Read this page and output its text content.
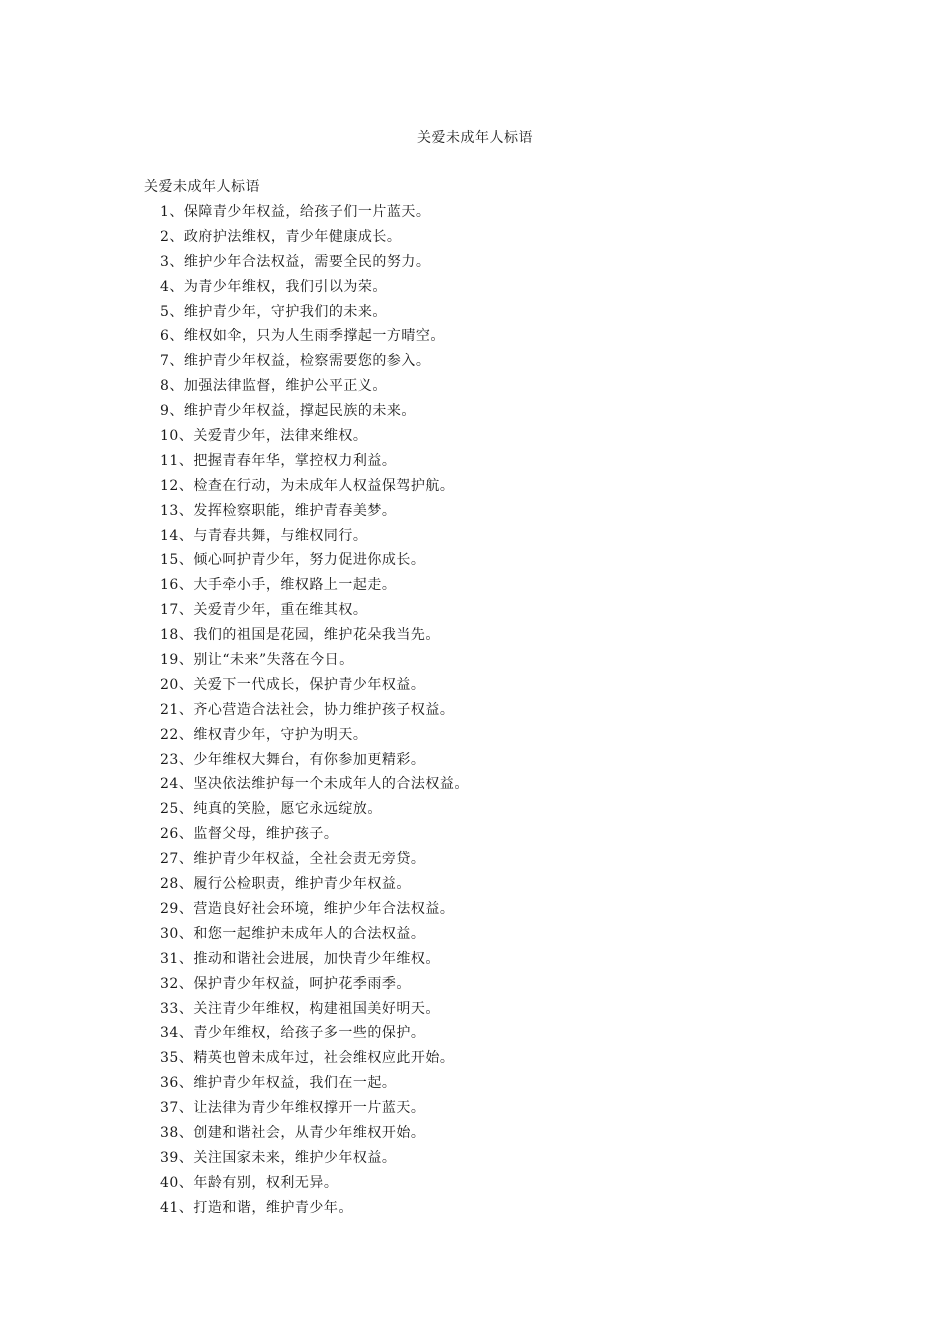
关爱未成年人标语
关爱未成年人标语
1、保障青少年权益，给孩子们一片蓝天。
2、政府护法维权，青少年健康成长。
3、维护少年合法权益，需要全民的努力。
4、为青少年维权，我们引以为荣。
5、维护青少年，守护我们的未来。
6、维权如伞，只为人生雨季撑起一方晴空。
7、维护青少年权益，检察需要您的参入。
8、加强法律监督，维护公平正义。
9、维护青少年权益，撑起民族的未来。
10、关爱青少年，法律来维权。
11、把握青春年华，掌控权力利益。
12、检查在行动，为未成年人权益保驾护航。
13、发挥检察职能，维护青春美梦。
14、与青春共舞，与维权同行。
15、倾心呵护青少年，努力促进你成长。
16、大手牵小手，维权路上一起走。
17、关爱青少年，重在维其权。
18、我们的祖国是花园，维护花朵我当先。
19、别让“未来”失落在今日。
20、关爱下一代成长，保护青少年权益。
21、齐心营造合法社会，协力维护孩子权益。
22、维权青少年，守护为明天。
23、少年维权大舞台，有你参加更精彩。
24、坚决依法维护每一个未成年人的合法权益。
25、纯真的笑脸，愿它永远绽放。
26、监督父母，维护孩子。
27、维护青少年权益，全社会责无旁贷。
28、履行公检职责，维护青少年权益。
29、营造良好社会环境，维护少年合法权益。
30、和您一起维护未成年人的合法权益。
31、推动和谐社会进展，加快青少年维权。
32、保护青少年权益，呵护花季雨季。
33、关注青少年维权，构建祖国美好明天。
34、青少年维权，给孩子多一些的保护。
35、精英也曾未成年过，社会维权应此开始。
36、维护青少年权益，我们在一起。
37、让法律为青少年维权撑开一片蓝天。
38、创建和谐社会，从青少年维权开始。
39、关注国家未来，维护少年权益。
40、年龄有别，权利无异。
41、打造和谐，维护青少年。
